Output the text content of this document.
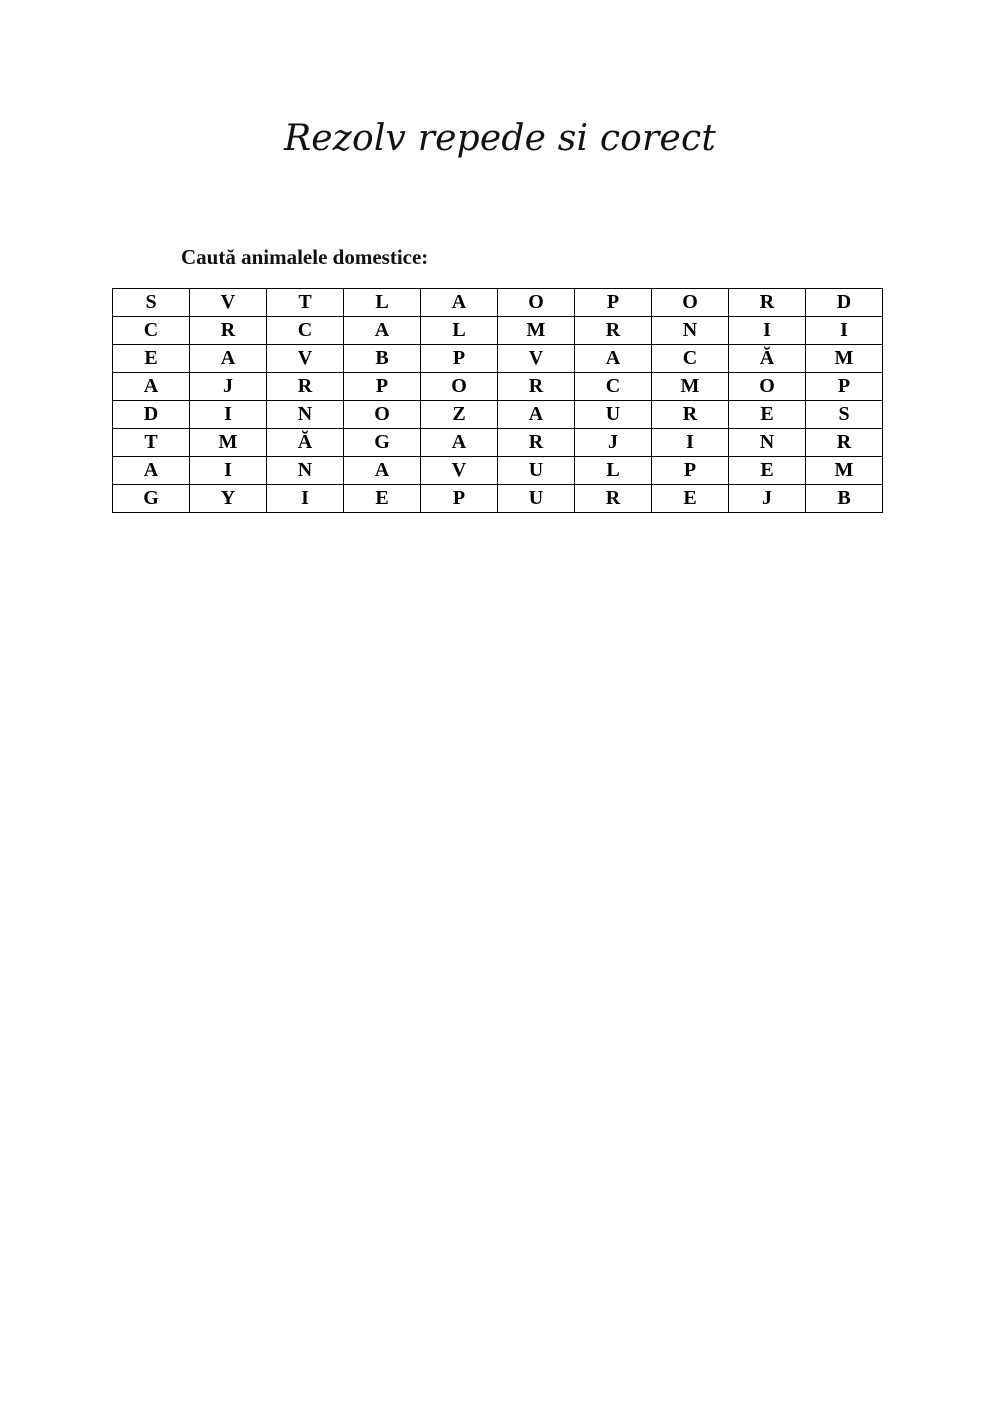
Rezolv repede si corect
Caută animalele domestice:
S	V	T	L	A	O	P	O	R	D
C	R	C	A	L	M	R	N	I	I
E	A	V	B	P	V	A	C	Ă	M
A	J	R	P	O	R	C	M	O	P
D	I	N	O	Z	A	U	R	E	S
T	M	Ă	G	A	R	J	I	N	R
A	I	N	A	V	U	L	P	E	M
G	Y	I	E	P	U	R	E	J	B
